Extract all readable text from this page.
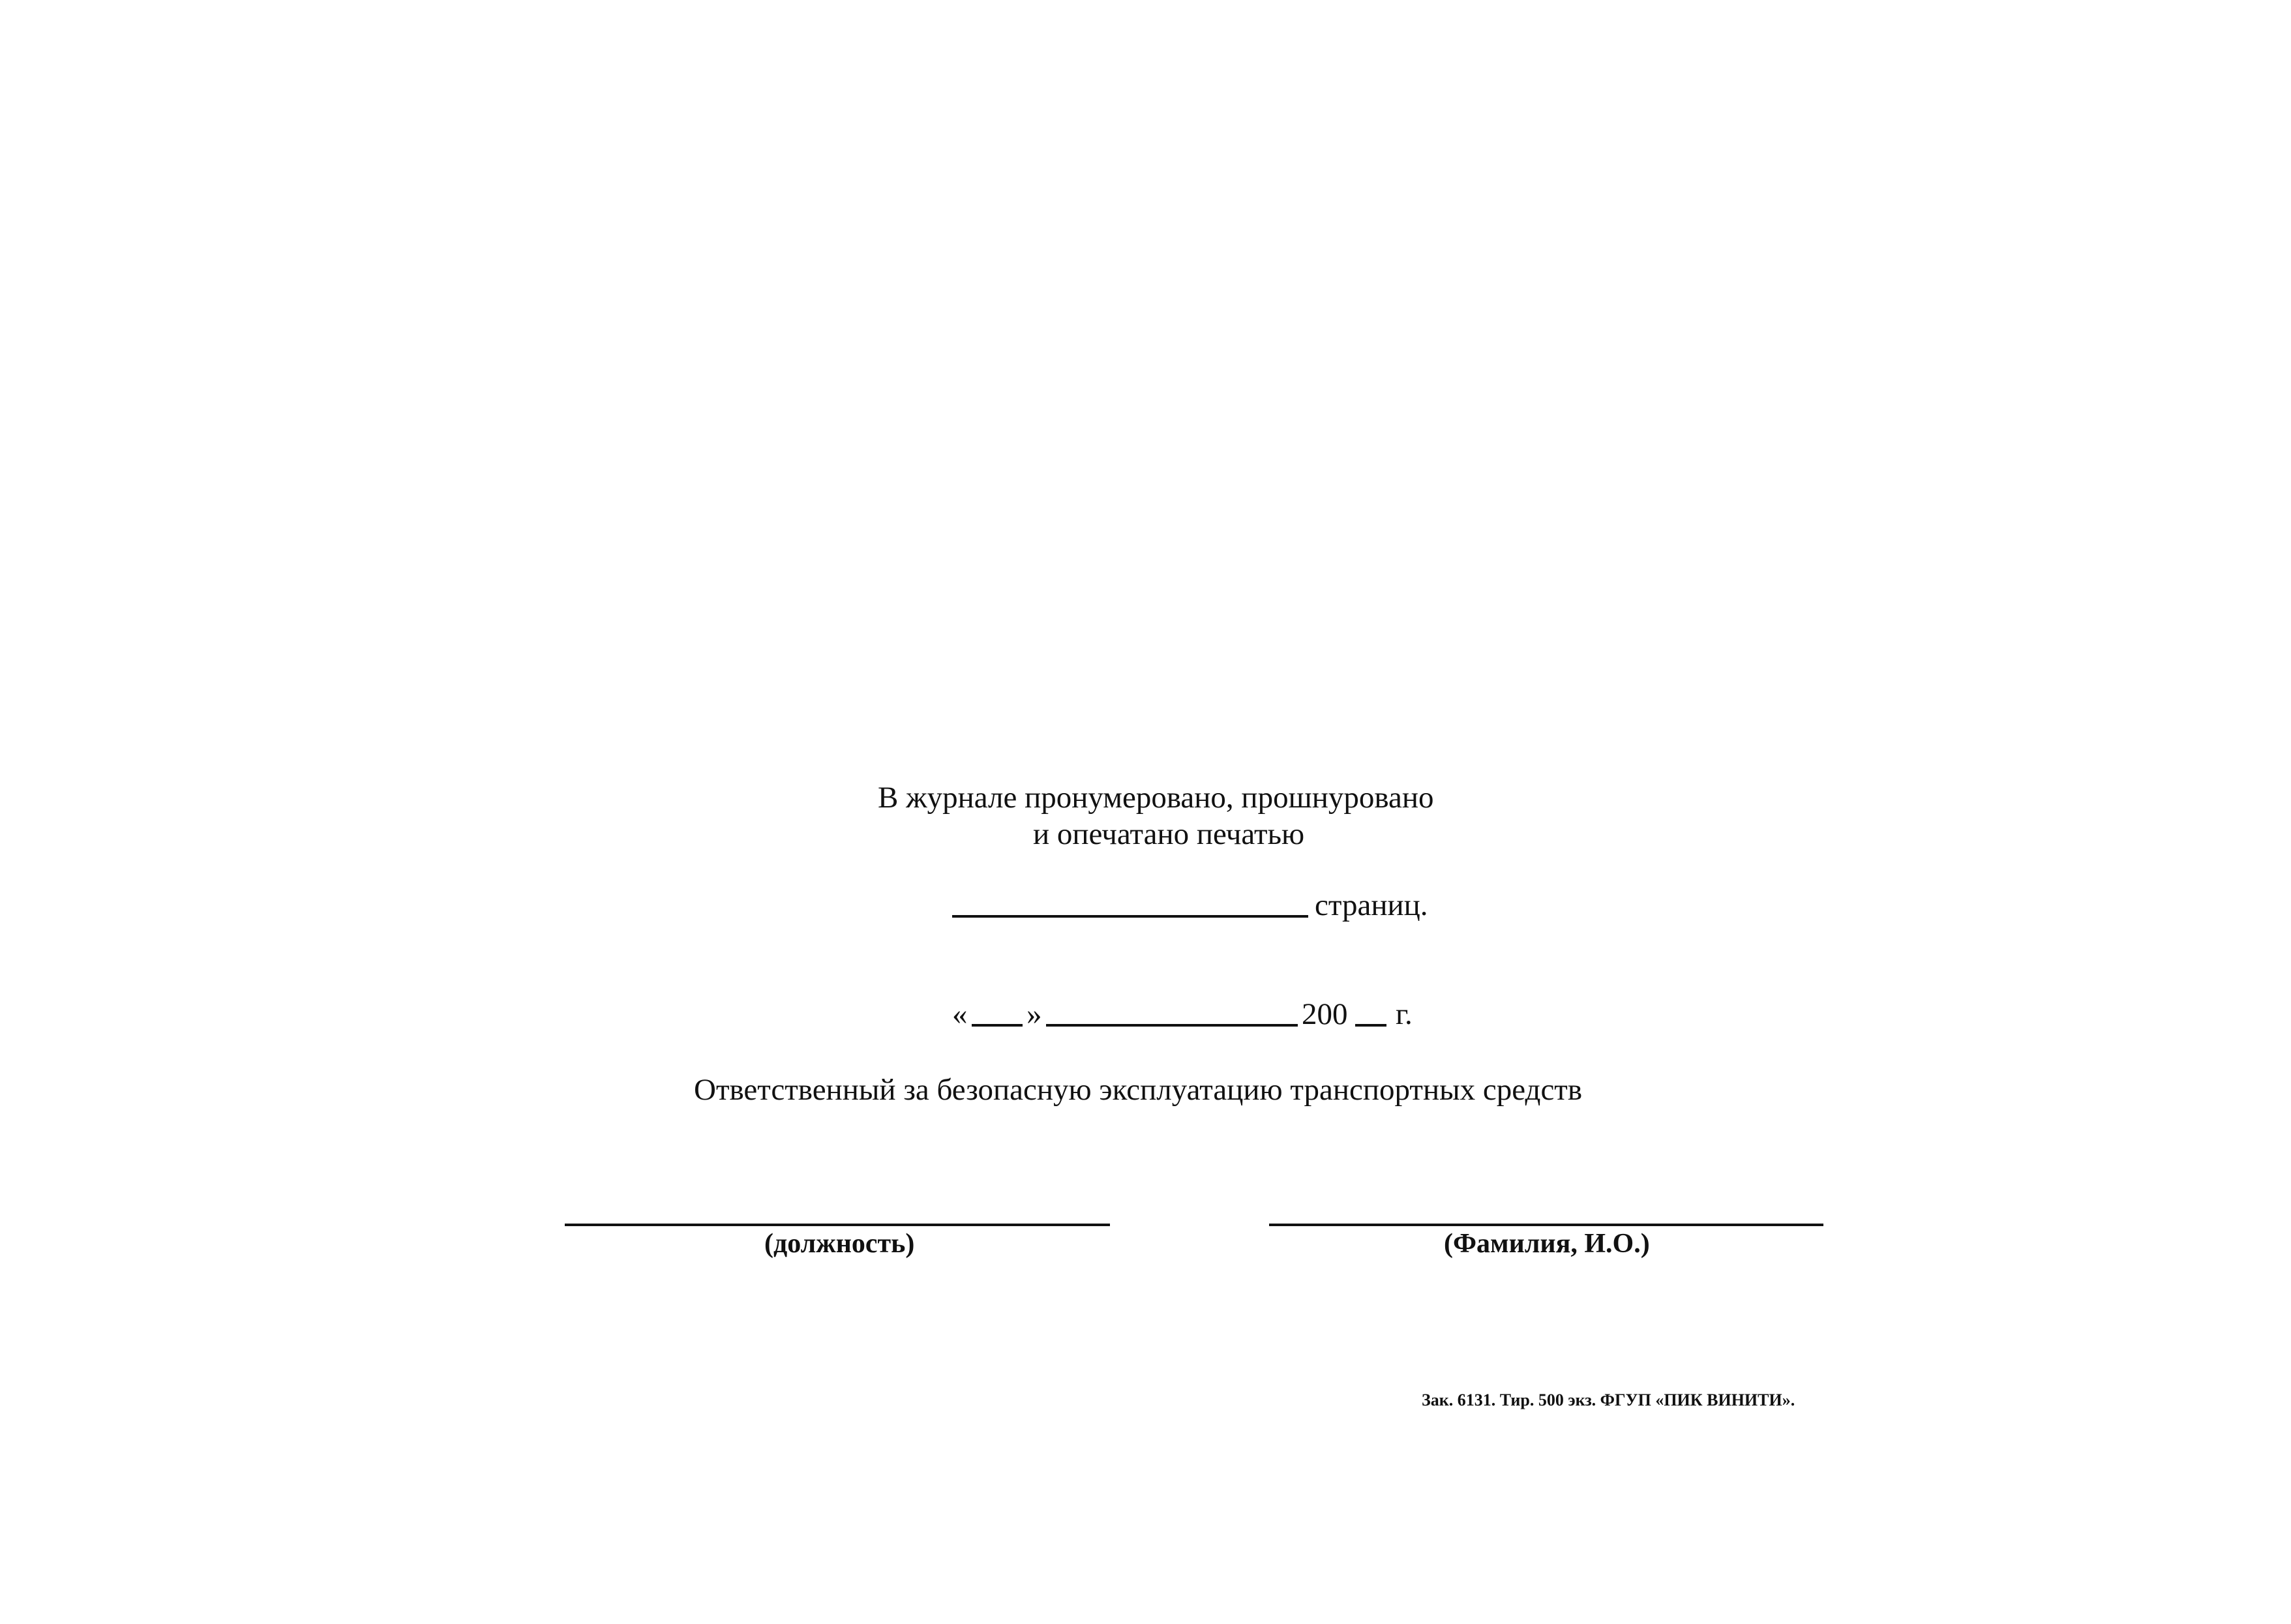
В журнале пронумеровано, прошнуровано
и опечатано печатью
страниц.
« »	200 г.
Ответственный за безопасную эксплуатацию транспортных средств
(должность)	(Фамилия, И.О.)
Зак. 6131. Тир. 500 экз. ФГУП «ПИК ВИНИТИ».
